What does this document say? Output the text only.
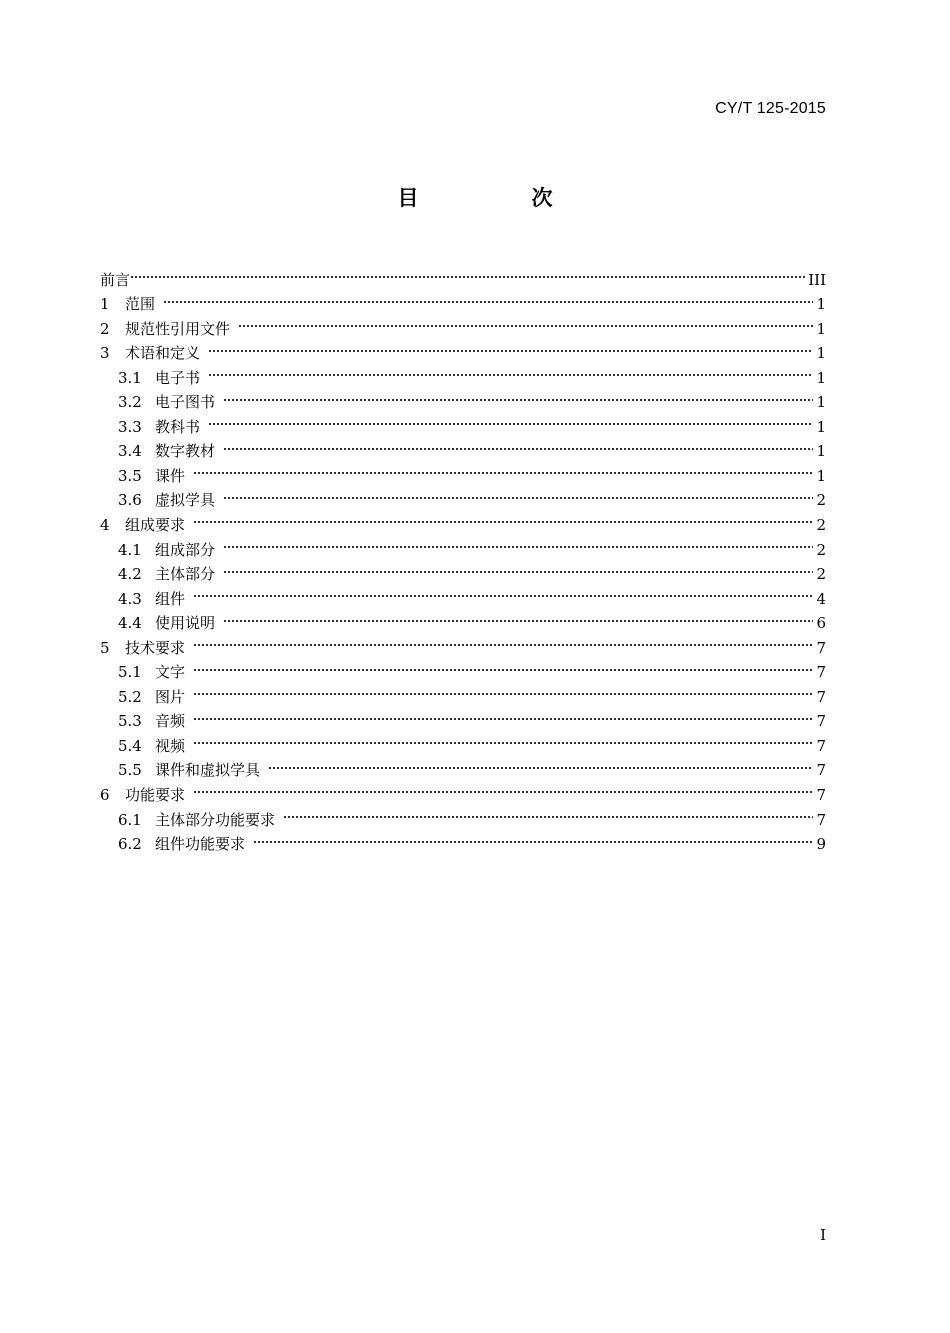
CY/T 125-2015
目　次
前言	III
1	范围	1
2	规范性引用文件	1
3	术语和定义	1
3.1 电子书	1
3.2 电子图书	1
3.3 教科书	1
3.4 数字教材	1
3.5 课件	1
3.6 虚拟学具	2
4	组成要求	2
4.1 组成部分	2
4.2 主体部分	2
4.3 组件	4
4.4 使用说明	6
5	技术要求	7
5.1 文字	7
5.2 图片	7
5.3 音频	7
5.4 视频	7
5.5 课件和虚拟学具	7
6	功能要求	7
6.1 主体部分功能要求	7
6.2 组件功能要求	9
I
